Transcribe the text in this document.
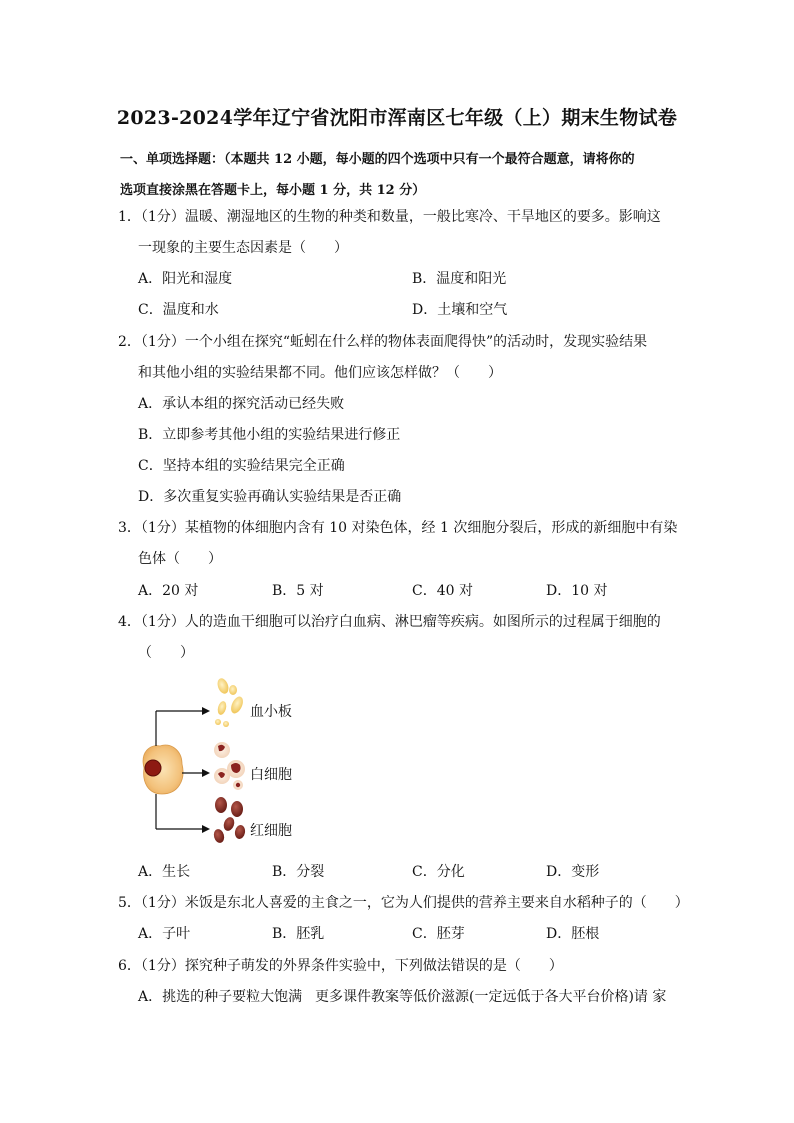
2023-2024学年辽宁省沈阳市浑南区七年级（上）期末生物试卷
一、单项选择题：（本题共 12 小题，每小题的四个选项中只有一个最符合题意，请将你的
选项直接涂黑在答题卡上，每小题 1 分，共 12 分）
1．（1分）温暖、潮湿地区的生物的种类和数量，一般比寒冷、干旱地区的要多。影响这
一现象的主要生态因素是（　　）
A．阳光和湿度	B．温度和阳光
C．温度和水	D．土壤和空气
2．（1分）一个小组在探究“蚯蚓在什么样的物体表面爬得快”的活动时，发现实验结果
和其他小组的实验结果都不同。他们应该怎样做？（　　）
A．承认本组的探究活动已经失败
B．立即参考其他小组的实验结果进行修正
C．坚持本组的实验结果完全正确
D．多次重复实验再确认实验结果是否正确
3．（1分）某植物的体细胞内含有 10 对染色体，经 1 次细胞分裂后，形成的新细胞中有染
色体（　　）
A．20 对	B．5 对	C．40 对	D．10 对
4．（1分）人的造血干细胞可以治疗白血病、淋巴瘤等疾病。如图所示的过程属于细胞的
（　　）
血小板
白细胞
红细胞
A．生长	B．分裂	C．分化	D．变形
5．（1分）米饭是东北人喜爱的主食之一，它为人们提供的营养主要来自水稻种子的（　　）
A．子叶	B．胚乳	C．胚芽	D．胚根
6．（1分）探究种子萌发的外界条件实验中，下列做法错误的是（　　）
A．挑选的种子要粒大饱满 更多课件教案等低价滋源(一定远低于各大平台价格)请 家
